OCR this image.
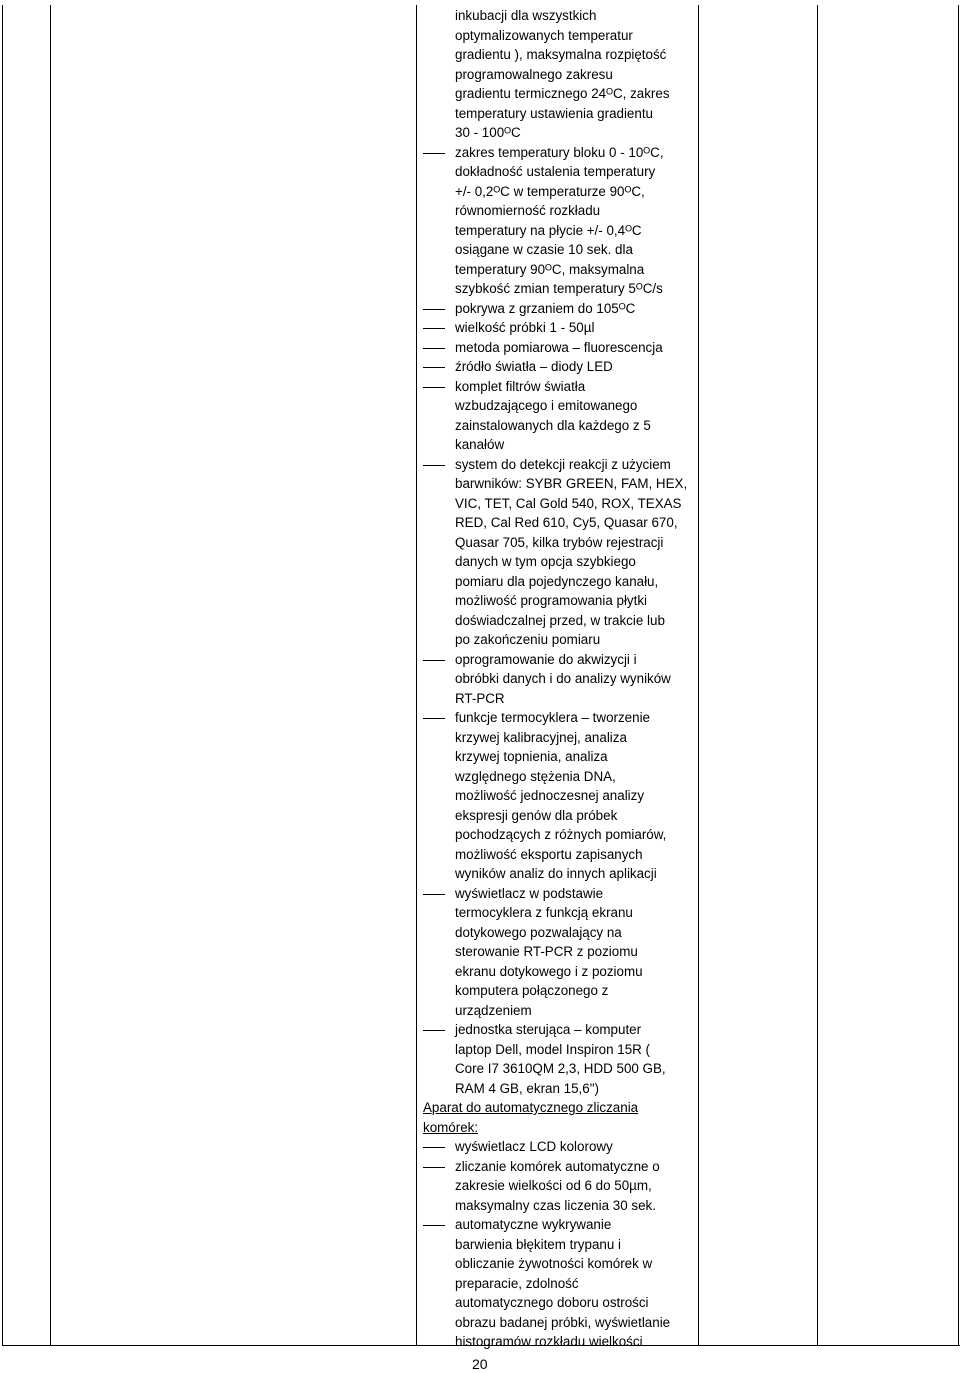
inkubacji dla wszystkich
optymalizowanych temperatur
gradientu ), maksymalna rozpiętość
programowalnego zakresu
gradientu termicznego 24ᴼC, zakres
temperatury ustawienia gradientu
30 - 100ᴼC
zakres temperatury bloku 0 - 10ᴼC,
dokładność ustalenia temperatury
+/- 0,2ᴼC w temperaturze 90ᴼC,
równomierność rozkładu
temperatury na płycie +/- 0,4ᴼC
osiągane w czasie 10 sek. dla
temperatury 90ᴼC, maksymalna
szybkość zmian temperatury 5ᴼC/s
pokrywa z grzaniem do 105ᴼC
wielkość próbki 1 - 50µl
metoda pomiarowa – fluorescencja
źródło światła – diody LED
komplet filtrów światła
wzbudzającego i emitowanego
zainstalowanych dla każdego z 5
kanałów
system do detekcji reakcji z użyciem
barwników: SYBR GREEN, FAM, HEX,
VIC, TET, Cal Gold 540, ROX, TEXAS
RED, Cal Red 610, Cy5, Quasar 670,
Quasar 705, kilka trybów rejestracji
danych w tym opcja szybkiego
pomiaru dla pojedynczego kanału,
możliwość programowania płytki
doświadczalnej przed, w trakcie lub
po zakończeniu pomiaru
oprogramowanie do akwizycji i
obróbki danych i do analizy wyników
RT-PCR
funkcje termocyklera – tworzenie
krzywej kalibracyjnej, analiza
krzywej topnienia, analiza
względnego stężenia DNA,
możliwość jednoczesnej analizy
ekspresji genów dla próbek
pochodzących z różnych pomiarów,
możliwość eksportu zapisanych
wyników analiz do innych aplikacji
wyświetlacz w podstawie
termocyklera z funkcją ekranu
dotykowego pozwalający na
sterowanie RT-PCR z poziomu
ekranu dotykowego i z poziomu
komputera połączonego z
urządzeniem
jednostka sterująca – komputer
laptop Dell, model Inspiron 15R (
Core I7 3610QM 2,3, HDD 500 GB,
RAM 4 GB, ekran 15,6")
Aparat do automatycznego zliczania
komórek:
wyświetlacz LCD kolorowy
zliczanie komórek automatyczne o
zakresie wielkości od 6 do 50µm,
maksymalny czas liczenia 30 sek.
automatyczne wykrywanie
barwienia błękitem trypanu i
obliczanie żywotności komórek w
preparacie, zdolność
automatycznego doboru ostrości
obrazu badanej próbki, wyświetlanie
histogramów rozkładu wielkości
20
